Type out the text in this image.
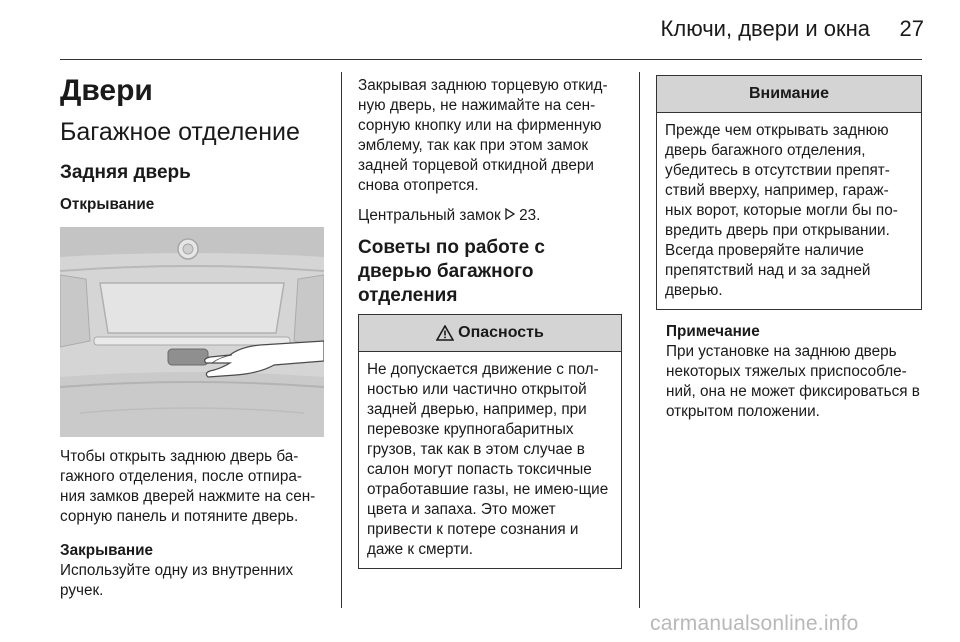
Ключи, двери и окна	27
Двери
Багажное отделение
Задняя дверь
Открывание

Чтобы открыть заднюю дверь ба-гажного отделения, после отпира-ния замков дверей нажмите на сен-сорную панель и потяните дверь.

Закрывание

Используйте одну из внутренних ручек.

Закрывая заднюю торцевую откид-ную дверь, не нажимайте на сен-сорную кнопку или на фирменную эмблему, так как при этом замок задней торцевой откидной двери снова отопрется.

Центральный замок 23.

Советы по работе с дверью багажного отделения
Опасность
Не допускается движение с пол-ностью или частично открытой задней дверью, например, при перевозке крупногабаритных грузов, так как в этом случае в салон могут попасть токсичные отработавшие газы, не имею-щие цвета и запаха. Это может привести к потере сознания и даже к смерти.
Внимание
Прежде чем открывать заднюю дверь багажного отделения, убедитесь в отсутствии препят-ствий вверху, например, гараж-ных ворот, которые могли бы по-вредить дверь при открывании. Всегда проверяйте наличие препятствий над и за задней дверью.
Примечание

При установке на заднюю дверь некоторых тяжелых приспособле-ний, она не может фиксироваться в открытом положении.

carmanualsonline.info
